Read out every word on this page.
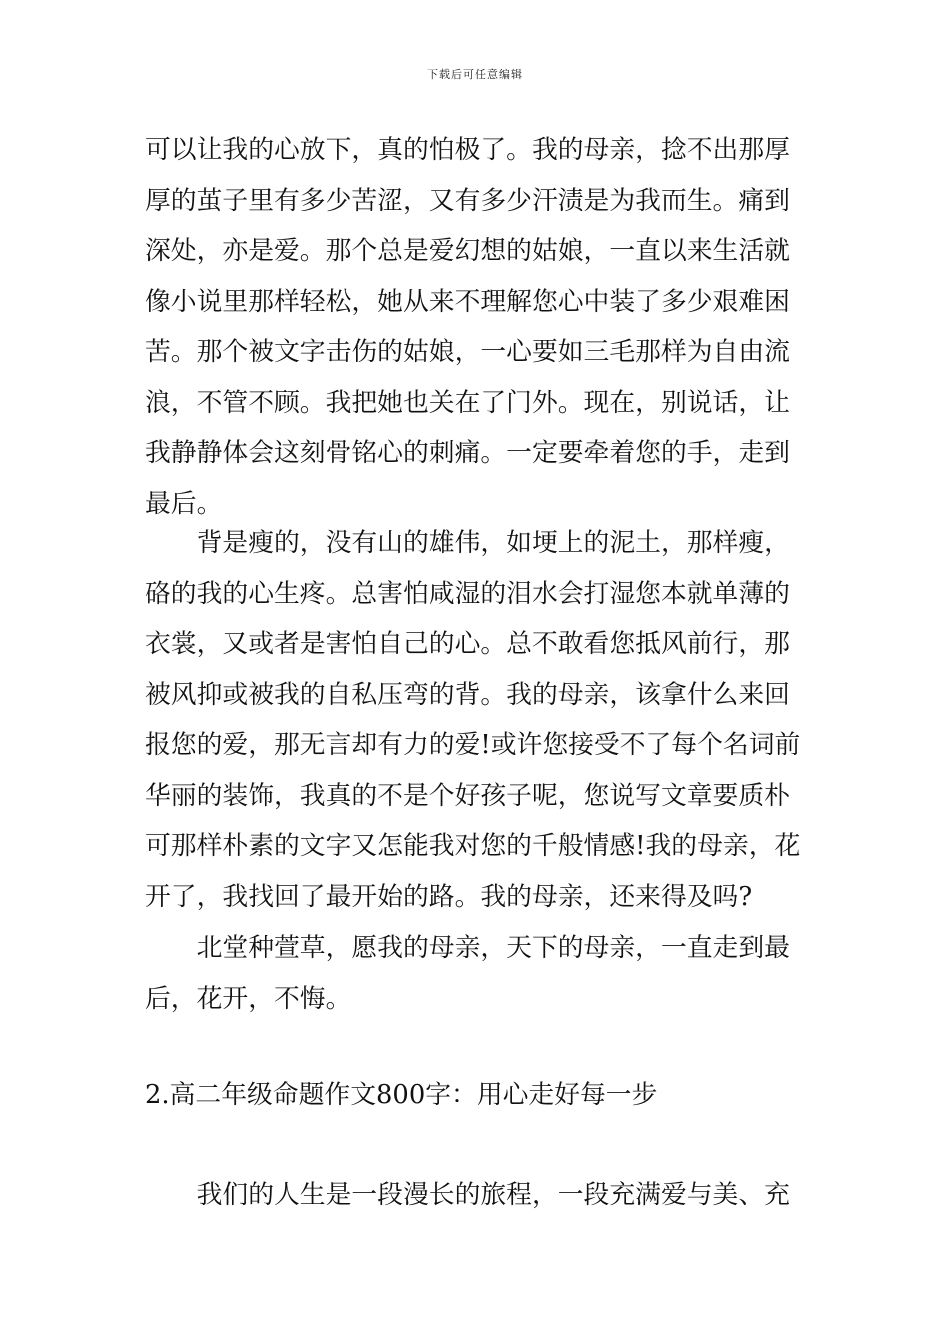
下载后可任意编辑
可以让我的心放下，真的怕极了。我的母亲，捻不出那厚
厚的茧子里有多少苦涩，又有多少汗渍是为我而生。痛到
深处，亦是爱。那个总是爱幻想的姑娘，一直以来生活就
像小说里那样轻松，她从来不理解您心中装了多少艰难困
苦。那个被文字击伤的姑娘，一心要如三毛那样为自由流
浪，不管不顾。我把她也关在了门外。现在，别说话，让
我静静体会这刻骨铭心的刺痛。一定要牵着您的手，走到
最后。
　　背是瘦的，没有山的雄伟，如埂上的泥土，那样瘦，
硌的我的心生疼。总害怕咸湿的泪水会打湿您本就单薄的
衣裳，又或者是害怕自己的心。总不敢看您抵风前行，那
被风抑或被我的自私压弯的背。我的母亲，该拿什么来回
报您的爱，那无言却有力的爱!或许您接受不了每个名词前
华丽的装饰，我真的不是个好孩子呢，您说写文章要质朴
可那样朴素的文字又怎能我对您的千般情感!我的母亲，花
开了，我找回了最开始的路。我的母亲，还来得及吗?
　　北堂种萱草，愿我的母亲，天下的母亲，一直走到最
后，花开，不悔。
2.高二年级命题作文800字：用心走好每一步
　　我们的人生是一段漫长的旅程，一段充满爱与美、充
